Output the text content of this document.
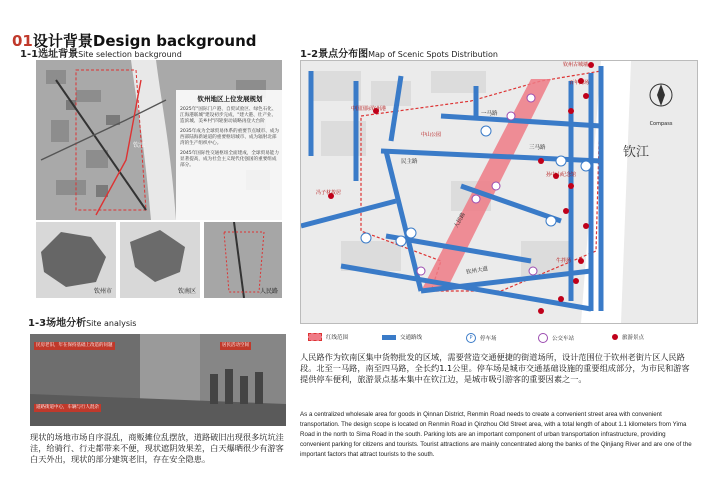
01设计背景Design background
1-1选址背景Site selection background
钦江
钦州地区上位发展规划
2025年"国际门户港、自贸试验区、绿色石化、江海港联城"建设初步完成，"建大港、壮产业、造滨城、美乡村"四轮驱动战略再登大台阶
2035年成为全球贸易体系的重要节点城市、成为西部陆海新通道的重要枢纽城市、成为辐射北部湾的生产组织中心。
2045年国际性交通枢纽全面建成，全球贸易能力显著提高，成为社会主义现代化强国的重要组成部分。
钦州市	钦南区	人民路
1-2景点分布图Map of Scenic Spots Distribution
钦江
Compass
一马路
三马路
民主路
人民路
钦州大道
钦州古城墙
百年商场
中国国际钦州港
中山公园
冯子材故居
孙中山纪念馆
牛拌场
红线范围	交通路线	P	停车场	公交车站	旅游景点
1-3场地分析Site analysis
民房老旧，年在保持基础上改造的问题
道路街道中心，车辆与行人混杂
居民活动空间
现状的场地市场自序混乱，商贩摊位乱摆放，道路破旧出现很多坑坑洼洼，给骑行、行走都带来不便，现状遮阴效果差，白天爆晒很少有游客白天外出，现状的部分建筑老旧，存在安全隐患。
人民路作为钦南区集中货物批发的区域，需要营造交通便捷的街道场所，设计范围位于钦州老街片区人民路段。北至一马路，南至四马路，全长约1.1公里。停车场是城市交通基础设施的重要组成部分，为市民和游客提供停车便利，旅游景点基本集中在钦江边，是城市吸引游客的重要因素之一。
As a centralized wholesale area for goods in Qinnan District, Renmin Road needs to create a convenient street area with convenient transportation. The design scope is located on Renmin Road in Qinzhou Old Street area, with a total length of about 1.1 kilometers from Yima Road in the north to Sima Road in the south. Parking lots are an important component of urban transportation infrastructure, providing convenient parking for citizens and tourists. Tourist attractions are mainly concentrated along the banks of the Qinjiang River and are one of the important factors that attract tourists to the south.
